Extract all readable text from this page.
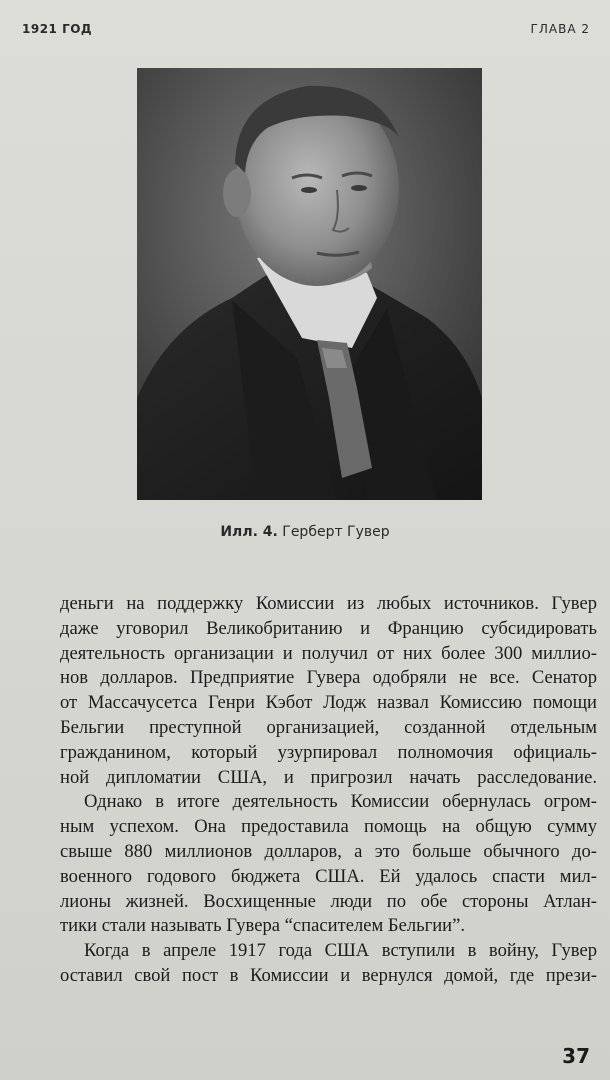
1921 ГОД	ГЛАВА 2
Илл. 4. Герберт Гувер

деньги на поддержку Комиссии из любых источников. Гувер
даже уговорил Великобританию и Францию субсидировать
деятельность организации и получил от них более 300 миллио-
нов долларов. Предприятие Гувера одобряли не все. Сенатор
от Массачусетса Генри Кэбот Лодж назвал Комиссию помощи
Бельгии преступной организацией, созданной отдельным
гражданином, который узурпировал полномочия официаль-
ной дипломатии США, и пригрозил начать расследование.

Однако в итоге деятельность Комиссии обернулась огром-
ным успехом. Она предоставила помощь на общую сумму
свыше 880 миллионов долларов, а это больше обычного до-
военного годового бюджета США. Ей удалось спасти мил-
лионы жизней. Восхищенные люди по обе стороны Атлан-
тики стали называть Гувера “спасителем Бельгии”.

Когда в апреле 1917 года США вступили в войну, Гувер
оставил свой пост в Комиссии и вернулся домой, где прези-

37
